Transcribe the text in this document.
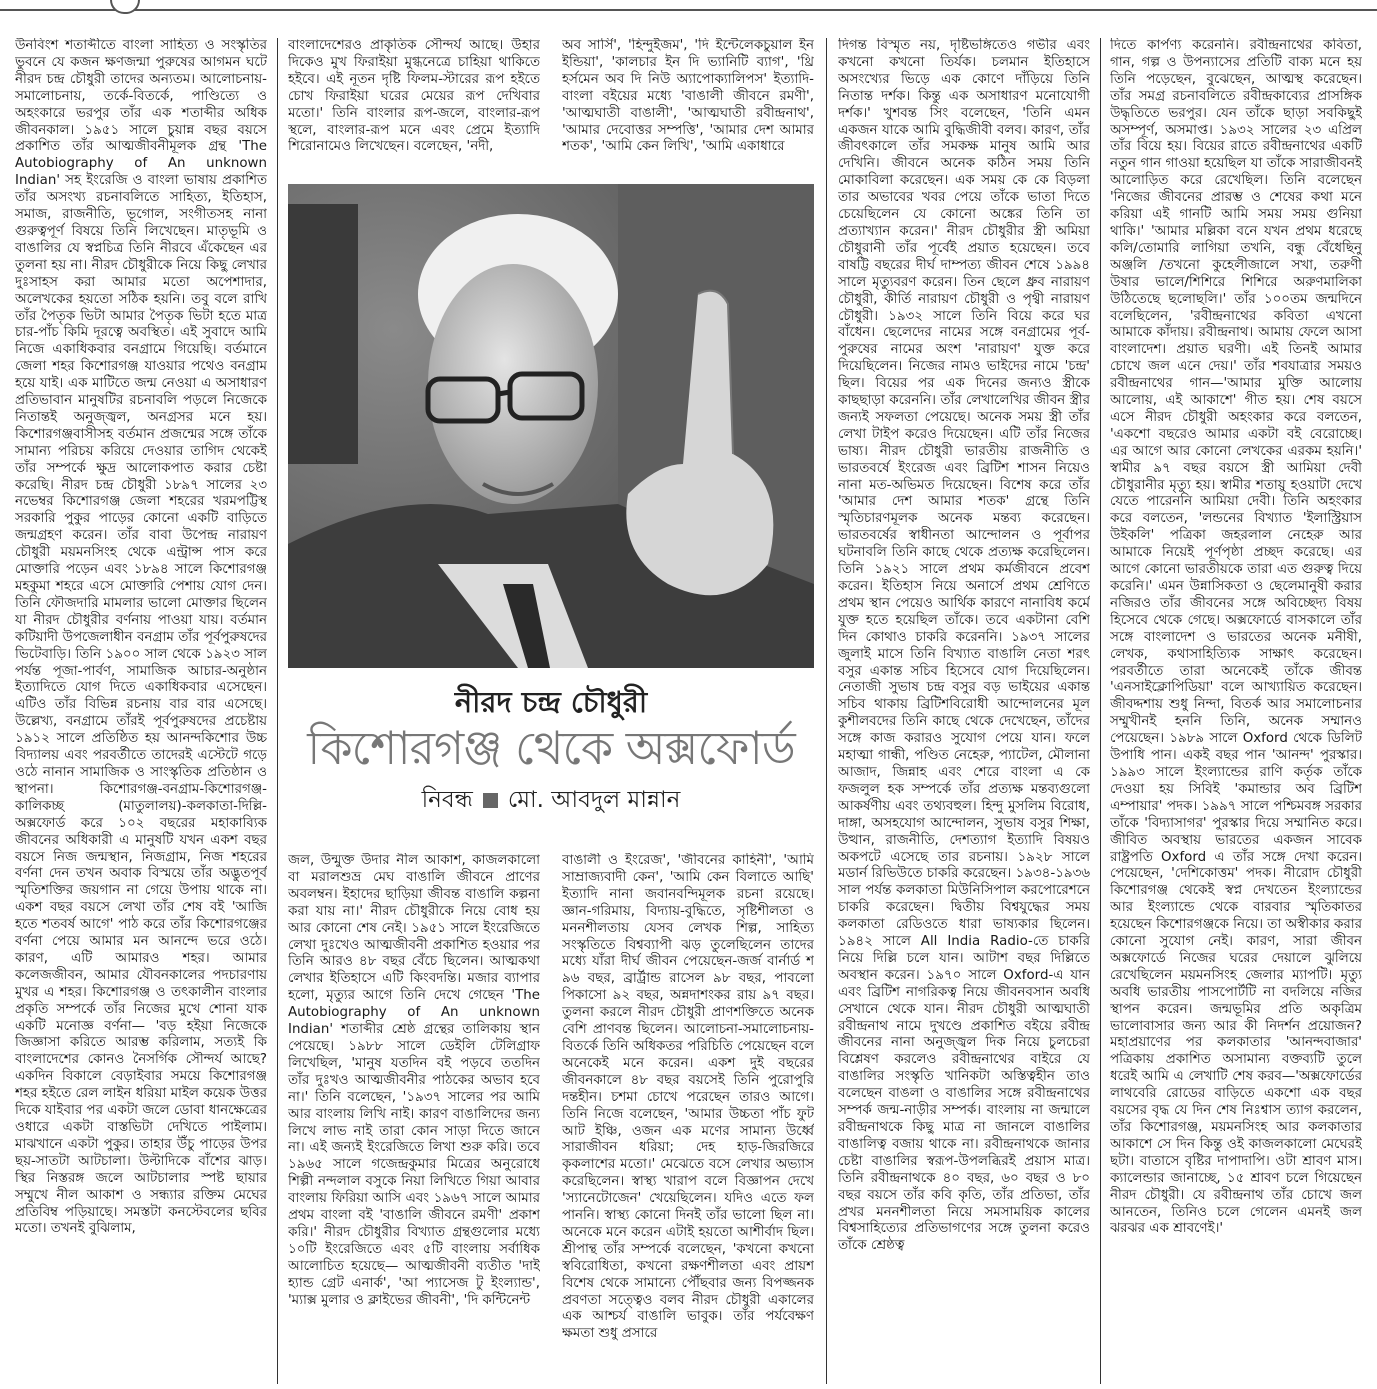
উনবিংশ শতাব্দীতে বাংলা সাহিত্য ও সংস্কৃতির ভুবনে যে কজন ক্ষণজন্মা পুরুষের আগমন ঘটে নীরদ চন্দ্র চৌধুরী তাদের অন্যতম। আলোচনায়-সমালোচনায়, তর্কে-বিতর্কে, পাণ্ডিত্যে ও অহংকারে ভরপুর তাঁর এক শতাব্দীর অধিক জীবনকাল। ১৯৫১ সালে চুয়ান্ন বছর বয়সে প্রকাশিত তাঁর আত্মজীবনীমূলক গ্রন্থ 'The Autobiography of An unknown Indian' সহ ইংরেজি ও বাংলা ভাষায় প্রকাশিত তাঁর অসংখ্য রচনাবলিতে সাহিত্য, ইতিহাস, সমাজ, রাজনীতি, ভূগোল, সংগীতসহ নানা গুরুত্বপূর্ণ বিষয়ে তিনি লিখেছেন। মাতৃভূমি ও বাঙালির যে স্বপ্নচিত্র তিনি নীরবে এঁকেছেন এর তুলনা হয় না। নীরদ চৌধুরীকে নিয়ে কিছু লেখার দুঃসাহস করা আমার মতো অপেশাদার, অলেখকের হয়তো সঠিক হয়নি। তবু বলে রাখি তাঁর পৈতৃক ভিটা আমার পৈতৃক ভিটা হতে মাত্র চার-পাঁচ কিমি দূরত্বে অবস্থিত। এই সুবাদে আমি নিজে একাধিকবার বনগ্রামে গিয়েছি। বর্তমানে জেলা শহর কিশোরগঞ্জ যাওয়ার পথেও বনগ্রাম হয়ে যাই। এক মাটিতে জন্ম নেওয়া এ অসাধারণ প্রতিভাবান মানুষটির রচনাবলি পড়লে নিজেকে নিতান্তই অনুজ্জ্বল, অনগ্রসর মনে হয়। কিশোরগঞ্জবাসীসহ বর্তমান প্রজন্মের সঙ্গে তাঁকে সামান্য পরিচয় করিয়ে দেওয়ার তাগিদ থেকেই তাঁর সম্পর্কে ক্ষুদ্র আলোকপাত করার চেষ্টা করেছি। নীরদ চন্দ্র চৌধুরী ১৮৯৭ সালের ২৩ নভেম্বর কিশোরগঞ্জ জেলা শহরের খরমপট্টিস্থ সরকারি পুকুর পাড়ের কোনো একটি বাড়িতে জন্মগ্রহণ করেন। তাঁর বাবা উপেন্দ্র নারায়ণ চৌধুরী ময়মনসিংহ থেকে এন্ট্রান্স পাস করে মোক্তারি পড়েন এবং ১৮৯৪ সালে কিশোরগঞ্জ মহকুমা শহরে এসে মোক্তারি পেশায় যোগ দেন। তিনি ফৌজদারি মামলার ভালো মোক্তার ছিলেন যা নীরদ চৌধুরীর বর্ণনায় পাওয়া যায়। বর্তমান কটিয়াদী উপজেলাধীন বনগ্রাম তাঁর পূর্বপুরুষদের ভিটেবাড়ি। তিনি ১৯০০ সাল থেকে ১৯২৩ সাল পর্যন্ত পূজা-পার্বণ, সামাজিক আচার-অনুষ্ঠান ইত্যাদিতে যোগ দিতে একাধিকবার এসেছেন। এটিও তাঁর বিভিন্ন রচনায় বার বার এসেছে। উল্লেখ্য, বনগ্রামে তাঁরই পূর্বপুরুষদের প্রচেষ্টায় ১৯১২ সালে প্রতিষ্ঠিত হয় আনন্দকিশোর উচ্চ বিদ্যালয় এবং পরবর্তীতে তাদেরই এস্টেটে গড়ে ওঠে নানান সামাজিক ও সাংস্কৃতিক প্রতিষ্ঠান ও স্থাপনা। কিশোরগঞ্জ-বনগ্রাম-কিশোরগঞ্জ-কালিকচ্ছ (মাতুলালয়)-কলকাতা-দিল্লি-অক্সফোর্ড করে ১০২ বছরের মহাকাব্যিক জীবনের অধিকারী এ মানুষটি যখন একশ বছর বয়সে নিজ জন্মস্থান, নিজগ্রাম, নিজ শহরের বর্ণনা দেন তখন অবাক বিস্ময়ে তাঁর অদ্ভুতপূর্ব স্মৃতিশক্তির জয়গান না গেয়ে উপায় থাকে না। একশ বছর বয়সে লেখা তাঁর শেষ বই 'আজি হতে শতবর্ষ আগে' পাঠ করে তাঁর কিশোরগঞ্জের বর্ণনা পেয়ে আমার মন আনন্দে ভরে ওঠে। কারণ, এটি আমারও শহর। আমার কলেজজীবন, আমার যৌবনকালের পদচারণায় মুখর এ শহর। কিশোরগঞ্জ ও তৎকালীন বাংলার প্রকৃতি সম্পর্কে তাঁর নিজের মুখে শোনা যাক একটি মনোজ্ঞ বর্ণনা— 'বড় হইয়া নিজেকে জিজ্ঞাসা করিতে আরম্ভ করিলাম, সত্যই কি বাংলাদেশের কোনও নৈসর্গিক সৌন্দর্য আছে? একদিন বিকালে বেড়াইবার সময়ে কিশোরগঞ্জ শহর হইতে রেল লাইন ধরিয়া মাইল কয়েক উত্তর দিকে যাইবার পর একটা জলে ডোবা ধানক্ষেত্রের ওধারে একটা বাস্তভিটা দেখিতে পাইলাম। মাঝখানে একটা পুকুর। তাহার উঁচু পাড়ের উপর ছয়-সাতটা আটচালা। উল্টাদিকে বাঁশের ঝাড়। স্থির নিস্তরঙ্গ জলে আটচালার স্পষ্ট ছায়ার সম্মুখে নীল আকাশ ও সন্ধ্যার রক্তিম মেঘের প্রতিবিম্ব পড়িয়াছে। সমস্তটা কনস্টেবলের ছবির মতো। তখনই বুঝিলাম,
বাংলাদেশেরও প্রাকৃতিক সৌন্দর্য আছে। উহার দিকেও মুখ ফিরাইয়া মুগ্ধনেত্রে চাহিয়া থাকিতে হইবে। এই নূতন দৃষ্টি ফিলম-স্টারের রূপ হইতে চোখ ফিরাইয়া ঘরের মেয়ের রূপ দেখিবার মতো।' তিনি বাংলার রূপ-জলে, বাংলার-রূপ স্থলে, বাংলার-রূপ মনে এবং প্রেমে ইত্যাদি শিরোনামেও লিখেছেন। বলেছেন, 'নদী,
অব সার্সি', 'হিন্দুইজম', 'দি ইন্টেলেকচুয়াল ইন ইন্ডিয়া', 'কালচার ইন দি ভ্যানিটি ব্যাগ', 'থ্রি হর্সমেন অব দি নিউ অ্যাপোক্যালিপস' ইত্যাদি-বাংলা বইয়ের মধ্যে 'বাঙালী জীবনে রমণী', 'আত্মঘাতী বাঙালী', 'আত্মঘাতী রবীন্দ্রনাথ', 'আমার দেবোত্তর সম্পত্তি', 'আমার দেশ আমার শতক', 'আমি কেন লিখি', 'আমি একাধারে
নীরদ চন্দ্র চৌধুরী
কিশোরগঞ্জ থেকে অক্সফোর্ড
নিবন্ধ মো. আবদুল মান্নান
জল, উন্মুক্ত উদার নীল আকাশ, কাজলকালো বা মরালশুভ্র মেঘ বাঙালি জীবনে প্রাণের অবলম্বন। ইহাদের ছাড়িয়া জীবন্ত বাঙালি কল্পনা করা যায় না।' নীরদ চৌধুরীকে নিয়ে বোধ হয় আর কোনো শেষ নেই। ১৯৫১ সালে ইংরেজিতে লেখা দুঃখেও আত্মজীবনী প্রকাশিত হওয়ার পর তিনি আরও ৪৮ বছর বেঁচে ছিলেন। আত্মকথা লেখার ইতিহাসে এটি কিংবদন্তি। মজার ব্যাপার হলো, মৃত্যুর আগে তিনি দেখে গেছেন 'The Autobiography of An unknown Indian' শতাব্দীর শ্রেষ্ঠ গ্রন্থের তালিকায় স্থান পেয়েছে। ১৯৮৮ সালে ডেইলি টেলিগ্রাফ লিখেছিল, 'মানুষ যতদিন বই পড়বে ততদিন তাঁর দুঃখও আত্মজীবনীর পাঠকের অভাব হবে না।' তিনি বলেছেন, '১৯৩৭ সালের পর আমি আর বাংলায় লিখি নাই। কারণ বাঙালিদের জন্য লিখে লাভ নাই তারা কোন সাড়া দিতে জানে না। এই জন্যই ইংরেজিতে লিখা শুরু করি। তবে ১৯৬৫ সালে গজেন্দ্রকুমার মিত্রের অনুরোধে শিল্পী নন্দলাল বসুকে নিয়া লিখিতে গিয়া আবার বাংলায় ফিরিয়া আসি এবং ১৯৬৭ সালে আমার প্রথম বাংলা বই 'বাঙালি জীবনে রমণী' প্রকাশ করি।' নীরদ চৌধুরীর বিখ্যাত গ্রন্থগুলোর মধ্যে ১০টি ইংরেজিতে এবং ৫টি বাংলায় সর্বাধিক আলোচিত হয়েছে— আত্মজীবনী ব্যতীত 'দাই হ্যান্ড গ্রেট এনার্ক', 'আ প্যাসেজ টু ইংল্যান্ড', 'ম্যাক্স মুলার ও ক্লাইভের জীবনী', 'দি কন্টিনেন্ট
বাঙালী ও ইংরেজ', 'জীবনের কাহিনী', 'আমি সাম্রাজ্যবাদী কেন', 'আমি কেন বিলাতে আছি' ইত্যাদি নানা জবানবন্দিমূলক রচনা রয়েছে। জ্ঞান-গরিমায়, বিদ্যায়-বুদ্ধিতে, সৃষ্টিশীলতা ও মননশীলতায় যেসব লেখক শিল্প, সাহিত্য সংস্কৃতিতে বিশ্বব্যাপী ঝড় তুলেছিলেন তাদের মধ্যে যাঁরা দীর্ঘ জীবন পেয়েছেন-জর্জ বার্নার্ড শ ৯৬ বছর, ব্রার্ট্রান্ড রাসেল ৯৮ বছর, পাবলো পিকাসো ৯২ বছর, অন্নদাশংকর রায় ৯৭ বছর। তুলনা করলে নীরদ চৌধুরী প্রাণশক্তিতে অনেক বেশি প্রাণবন্ত ছিলেন। আলোচনা-সমালোচনায়-বিতর্কে তিনি অধিকতর পরিচিতি পেয়েছেন বলে অনেকেই মনে করেন। একশ দুই বছরের জীবনকালে ৪৮ বছর বয়সেই তিনি পুরোপুরি দন্তহীন। চশমা চোখে পরেছেন তারও আগে। তিনি নিজে বলেছেন, 'আমার উচ্চতা পাঁচ ফুট আট ইঞ্চি, ওজন এক মণের সামান্য উর্ধ্বে সারাজীবন ধরিয়া; দেহ হাড়-জিরজিরে কৃকলাশের মতো।' মেঝেতে বসে লেখার অভ্যাস করেছিলেন। স্বাস্থ্য খারাপ বলে বিজ্ঞাপন দেখে 'স্যানেটোজেন' খেয়েছিলেন। যদিও এতে ফল পাননি। স্বাস্থ্য কোনো দিনই তাঁর ভালো ছিল না। অনেকে মনে করেন এটাই হয়তো আশীর্বাদ ছিল। শ্রীপান্থ তাঁর সম্পর্কে বলেছেন, 'কখনো কখনো স্ববিরোধিতা, কখনো রক্ষণশীলতা এবং প্রায়শ বিশেষ থেকে সামান্যে পৌঁছবার জন্য বিপজ্জনক প্রবণতা সত্ত্বেও বলব নীরদ চৌধুরী একালের এক আশ্চর্য বাঙালি ভাবুক। তাঁর পর্যবেক্ষণ ক্ষমতা শুধু প্রসারে
দিগন্ত বিস্মৃত নয়, দৃষ্টিভঙ্গিতেও গভীর এবং কখনো কখনো তির্যক। চলমান ইতিহাসে অসংখ্যের ভিড়ে এক কোণে দাঁড়িয়ে তিনি নিতান্ত দর্শক। কিন্তু এক অসাধারণ মনোযোগী দর্শক।' খুশবন্ত সিং বলেছেন, 'তিনি এমন একজন যাকে আমি বুদ্ধিজীবী বলব। কারণ, তাঁর জীবৎকালে তাঁর সমকক্ষ মানুষ আমি আর দেখিনি। জীবনে অনেক কঠিন সময় তিনি মোকাবিলা করেছেন। এক সময় কে কে বিড়লা তার অভাবের খবর পেয়ে তাঁকে ভাতা দিতে চেয়েছিলেন যে কোনো অঙ্কের তিনি তা প্রত্যাখ্যান করেন।' নীরদ চৌধুরীর স্ত্রী অমিয়া চৌধুরানী তাঁর পূর্বেই প্রয়াত হয়েছেন। তবে বাষট্টি বছরের দীর্ঘ দাম্পত্য জীবন শেষে ১৯৯৪ সালে মৃত্যুবরণ করেন। তিন ছেলে ধ্রুব নারায়ণ চৌধুরী, কীর্তি নারায়ণ চৌধুরী ও পৃথ্বী নারায়ণ চৌধুরী। ১৯৩২ সালে তিনি বিয়ে করে ঘর বাঁধেন। ছেলেদের নামের সঙ্গে বনগ্রামের পূর্ব-পুরুষের নামের অংশ 'নারায়ণ' যুক্ত করে দিয়েছিলেন। নিজের নামও ভাইদের নামে 'চন্দ্র' ছিল। বিয়ের পর এক দিনের জন্যও স্ত্রীকে কাছছাড়া করেননি। তাঁর লেখালেখির জীবন স্ত্রীর জন্যই সফলতা পেয়েছে। অনেক সময় স্ত্রী তাঁর লেখা টাইপ করেও দিয়েছেন। এটি তাঁর নিজের ভাষ্য। নীরদ চৌধুরী ভারতীয় রাজনীতি ও ভারতবর্ষে ইংরেজ এবং ব্রিটিশ শাসন নিয়েও নানা মত-অভিমত দিয়েছেন। বিশেষ করে তাঁর 'আমার দেশ আমার শতক' গ্রন্থে তিনি স্মৃতিচারণমূলক অনেক মন্তব্য করেছেন। ভারতবর্ষের স্বাধীনতা আন্দোলন ও পূর্বাপর ঘটনাবলি তিনি কাছে থেকে প্রত্যক্ষ করেছিলেন। তিনি ১৯২১ সালে প্রথম কর্মজীবনে প্রবেশ করেন। ইতিহাস নিয়ে অনার্সে প্রথম শ্রেণিতে প্রথম স্থান পেয়েও আর্থিক কারণে নানাবিধ কর্মে যুক্ত হতে হয়েছিল তাঁকে। তবে একটানা বেশি দিন কোথাও চাকরি করেননি। ১৯৩৭ সালের জুলাই মাসে তিনি বিখ্যাত বাঙালি নেতা শরৎ বসুর একান্ত সচিব হিসেবে যোগ দিয়েছিলেন। নেতাজী সুভাষ চন্দ্র বসুর বড় ভাইয়ের একান্ত সচিব থাকায় ব্রিটিশবিরোধী আন্দোলনের মূল কুশীলবদের তিনি কাছে থেকে দেখেছেন, তাঁদের সঙ্গে কাজ করারও সুযোগ পেয়ে যান। ফলে মহাত্মা গান্ধী, পণ্ডিত নেহেরু, প্যাটেল, মৌলানা আজাদ, জিন্নাহ এবং শেরে বাংলা এ কে ফজলুল হক সম্পর্কে তাঁর প্রত্যক্ষ মন্তব্যগুলো আকর্ষণীয় এবং তথ্যবহুল। হিন্দু মুসলিম বিরোধ, দাঙ্গা, অসহযোগ আন্দোলন, সুভাষ বসুর শিক্ষা, উত্থান, রাজনীতি, দেশত্যাগ ইত্যাদি বিষয়ও অকপটে এসেছে তার রচনায়। ১৯২৮ সালে মডার্ন রিভিউতে চাকরি করেছেন। ১৯৩৪-১৯৩৬ সাল পর্যন্ত কলকাতা মিউনিসিপাল করপোরেশনে চাকরি করেছেন। দ্বিতীয় বিশ্বযুদ্ধের সময় কলকাতা রেডিওতে ধারা ভাষ্যকার ছিলেন। ১৯৪২ সালে All India Radio-তে চাকরি নিয়ে দিল্লি চলে যান। আটাশ বছর দিল্লিতে অবস্থান করেন। ১৯৭০ সালে Oxford-এ যান এবং ব্রিটিশ নাগরিকত্ব নিয়ে জীবনবসান অবধি সেখানে থেকে যান। নীরদ চৌধুরী আত্মঘাতী রবীন্দ্রনাথ নামে দুখণ্ডে প্রকাশিত বইয়ে রবীন্দ্র জীবনের নানা অনুজ্জ্বল দিক নিয়ে চুলচেরা বিশ্লেষণ করলেও রবীন্দ্রনাথের বাইরে যে বাঙালির সংস্কৃতি খানিকটা অস্তিত্বহীন তাও বলেছেন বাঙলা ও বাঙালির সঙ্গে রবীন্দ্রনাথের সম্পর্ক জন্ম-নাড়ীর সম্পর্ক। বাংলায় না জন্মালে রবীন্দ্রনাথকে কিছু মাত্র না জানলে বাঙালির বাঙালিত্ব বজায় থাকে না। রবীন্দ্রনাথকে জানার চেষ্টা বাঙালির স্বরূপ-উপলব্ধিরই প্রয়াস মাত্র। তিনি রবীন্দ্রনাথকে ৪০ বছর, ৬০ বছর ও ৮০ বছর বয়সে তাঁর কবি কৃতি, তাঁর প্রতিভা, তাঁর প্রখর মননশীলতা নিয়ে সমসাময়িক কালের বিশ্বসাহিত্যের প্রতিভাগণের সঙ্গে তুলনা করেও তাঁকে শ্রেষ্ঠত্ব
দিতে কার্পণ্য করেননি। রবীন্দ্রনাথের কবিতা, গান, গল্প ও উপন্যাসের প্রতিটি বাক্য মনে হয় তিনি পড়েছেন, বুঝেছেন, আত্মস্থ করেছেন। তাঁর সমগ্র রচনাবলিতে রবীন্দ্রকাব্যের প্রাসঙ্গিক উদ্ধৃতিতে ভরপুর। যেন তাঁকে ছাড়া সবকিছুই অসম্পূর্ণ, অসমাপ্ত। ১৯৩২ সালের ২৩ এপ্রিল তাঁর বিয়ে হয়। বিয়ের রাতে রবীন্দ্রনাথের একটি নতুন গান গাওয়া হয়েছিল যা তাঁকে সারাজীবনই আলোড়িত করে রেখেছিল। তিনি বলেছেন 'নিজের জীবনের প্রারম্ভ ও শেষের কথা মনে করিয়া এই গানটি আমি সময় সময় গুনিয়া থাকি।' 'আমার মল্লিকা বনে যখন প্রথম ধরেছে কলি/তোমারি লাগিয়া তখনি, বন্ধু বেঁধেছিনু অঞ্জলি /তখনো কুহেলীজালে সখা, তরুণী উষার ভালে/শিশিরে শিশিরে অরুণমালিকা উঠিতেছে ছলোছলি।' তাঁর ১০০তম জন্মদিনে বলেছিলেন, 'রবীন্দ্রনাথের কবিতা এখনো আমাকে কাঁদায়। রবীন্দ্রনাথ। আমায় ফেলে আসা বাংলাদেশ। প্রয়াত ঘরণী। এই তিনই আমার চোখে জল এনে দেয়।' তাঁর শবযাত্রার সময়ও রবীন্দ্রনাথের গান—'আমার মুক্তি আলোয় আলোয়, এই আকাশে' গীত হয়। শেষ বয়সে এসে নীরদ চৌধুরী অহংকার করে বলতেন, 'একশো বছরেও আমার একটা বই বেরোচ্ছে। এর আগে আর কোনো লেখকের এরকম হয়নি।' স্বামীর ৯৭ বছর বয়সে স্ত্রী আমিয়া দেবী চৌধুরানীর মৃত্যু হয়। স্বামীর শতায়ু হওয়াটা দেখে যেতে পারেননি আমিয়া দেবী। তিনি অহংকার করে বলতেন, 'লন্ডনের বিখ্যাত 'ইলাস্ট্রিয়াস উইকলি' পত্রিকা জহরলাল নেহেরু আর আমাকে নিয়েই পূর্ণপৃষ্ঠা প্রচ্ছদ করেছে। এর আগে কোনো ভারতীয়কে তারা এত গুরুত্ব দিয়ে করেনি।' এমন উন্নাসিকতা ও ছেলেমানুষী করার নজিরও তাঁর জীবনের সঙ্গে অবিচ্ছেদ্য বিষয় হিসেবে থেকে গেছে। অক্সফোর্ডে বাসকালে তাঁর সঙ্গে বাংলাদেশ ও ভারতের অনেক মনীষী, লেখক, কথাসাহিত্যিক সাক্ষাৎ করেছেন। পরবর্তীতে তারা অনেকেই তাঁকে জীবন্ত 'এনসাইক্লোপিডিয়া' বলে আখ্যায়িত করেছেন। জীবদ্দশায় শুধু নিন্দা, বিতর্ক আর সমালোচনার সম্মুখীনই হননি তিনি, অনেক সম্মানও পেয়েছেন। ১৯৮৯ সালে Oxford থেকে ডিলিট উপাধি পান। একই বছর পান 'আনন্দ' পুরস্কার। ১৯৯৩ সালে ইংল্যান্ডের রাণি কর্তৃক তাঁকে দেওয়া হয় সিবিই 'কমান্ডার অব ব্রিটিশ এম্পায়ার' পদক। ১৯৯৭ সালে পশ্চিমবঙ্গ সরকার তাঁকে 'বিদ্যাসাগর' পুরস্কার দিয়ে সম্মানিত করে। জীবিত অবস্থায় ভারতের একজন সাবেক রাষ্ট্রপতি Oxford এ তাঁর সঙ্গে দেখা করেন। পেয়েছেন, 'দেশিকোত্তম' পদক। নীরোদ চৌধুরী কিশোরগঞ্জ থেকেই স্বপ্ন দেখতেন ইংল্যান্ডের আর ইংল্যান্ডে থেকে বারবার স্মৃতিকাতর হয়েছেন কিশোরগঞ্জকে নিয়ে। তা অস্বীকার করার কোনো সুযোগ নেই। কারণ, সারা জীবন অক্সফোর্ডে নিজের ঘরের দেয়ালে ঝুলিয়ে রেখেছিলেন ময়মনসিংহ জেলার ম্যাপটি। মৃত্যু অবধি ভারতীয় পাসপোর্টটি না বদলিয়ে নজির স্থাপন করেন। জন্মভূমির প্রতি অকৃত্রিম ভালোবাসার জন্য আর কী নিদর্শন প্রয়োজন? মহাপ্রয়াণের পর কলকাতার 'আনন্দবাজার' পত্রিকায় প্রকাশিত অসামান্য বক্তব্যটি তুলে ধরেই আমি এ লেখাটি শেষ করব—'অক্সফোর্ডের লাথবেরি রোডের বাড়িতে একশো এক বছর বয়সের বৃদ্ধ যে দিন শেষ নিঃশ্বাস ত্যাগ করলেন, তাঁর কিশোরগঞ্জ, ময়মনসিংহ আর কলকাতার আকাশে সে দিন কিন্তু ওই কাজলকালো মেঘেরই ছটা। বাতাসে বৃষ্টির দাপাদাপি। ওটা শ্রাবণ মাস। ক্যালেন্ডার জানাচ্ছে, ১৫ শ্রাবণ চলে গিয়েছেন নীরদ চৌধুরী। যে রবীন্দ্রনাথ তাঁর চোখে জল আনতেন, তিনিও চলে গেলেন এমনই জল ঝরঝর এক শ্রাবণেই।'
